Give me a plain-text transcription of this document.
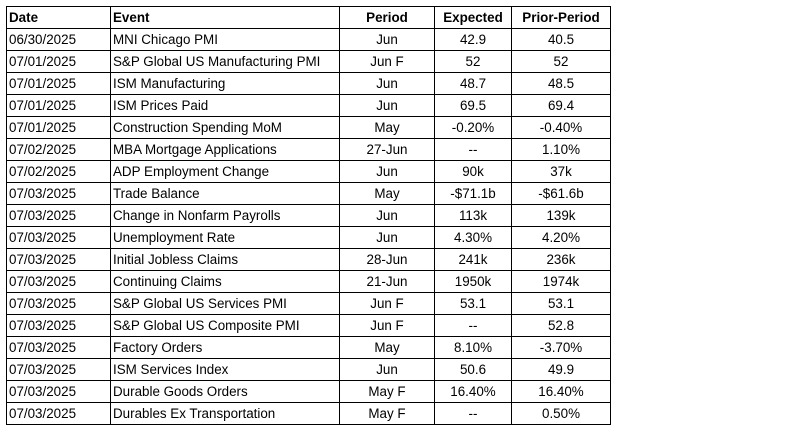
Date	Event	Period	Expected	Prior-Period
06/30/2025	MNI Chicago PMI	Jun	42.9	40.5
07/01/2025	S&P Global US Manufacturing PMI	Jun F	52	52
07/01/2025	ISM Manufacturing	Jun	48.7	48.5
07/01/2025	ISM Prices Paid	Jun	69.5	69.4
07/01/2025	Construction Spending MoM	May	-0.20%	-0.40%
07/02/2025	MBA Mortgage Applications	27-Jun	--	1.10%
07/02/2025	ADP Employment Change	Jun	90k	37k
07/03/2025	Trade Balance	May	-$71.1b	-$61.6b
07/03/2025	Change in Nonfarm Payrolls	Jun	113k	139k
07/03/2025	Unemployment Rate	Jun	4.30%	4.20%
07/03/2025	Initial Jobless Claims	28-Jun	241k	236k
07/03/2025	Continuing Claims	21-Jun	1950k	1974k
07/03/2025	S&P Global US Services PMI	Jun F	53.1	53.1
07/03/2025	S&P Global US Composite PMI	Jun F	--	52.8
07/03/2025	Factory Orders	May	8.10%	-3.70%
07/03/2025	ISM Services Index	Jun	50.6	49.9
07/03/2025	Durable Goods Orders	May F	16.40%	16.40%
07/03/2025	Durables Ex Transportation	May F	--	0.50%
